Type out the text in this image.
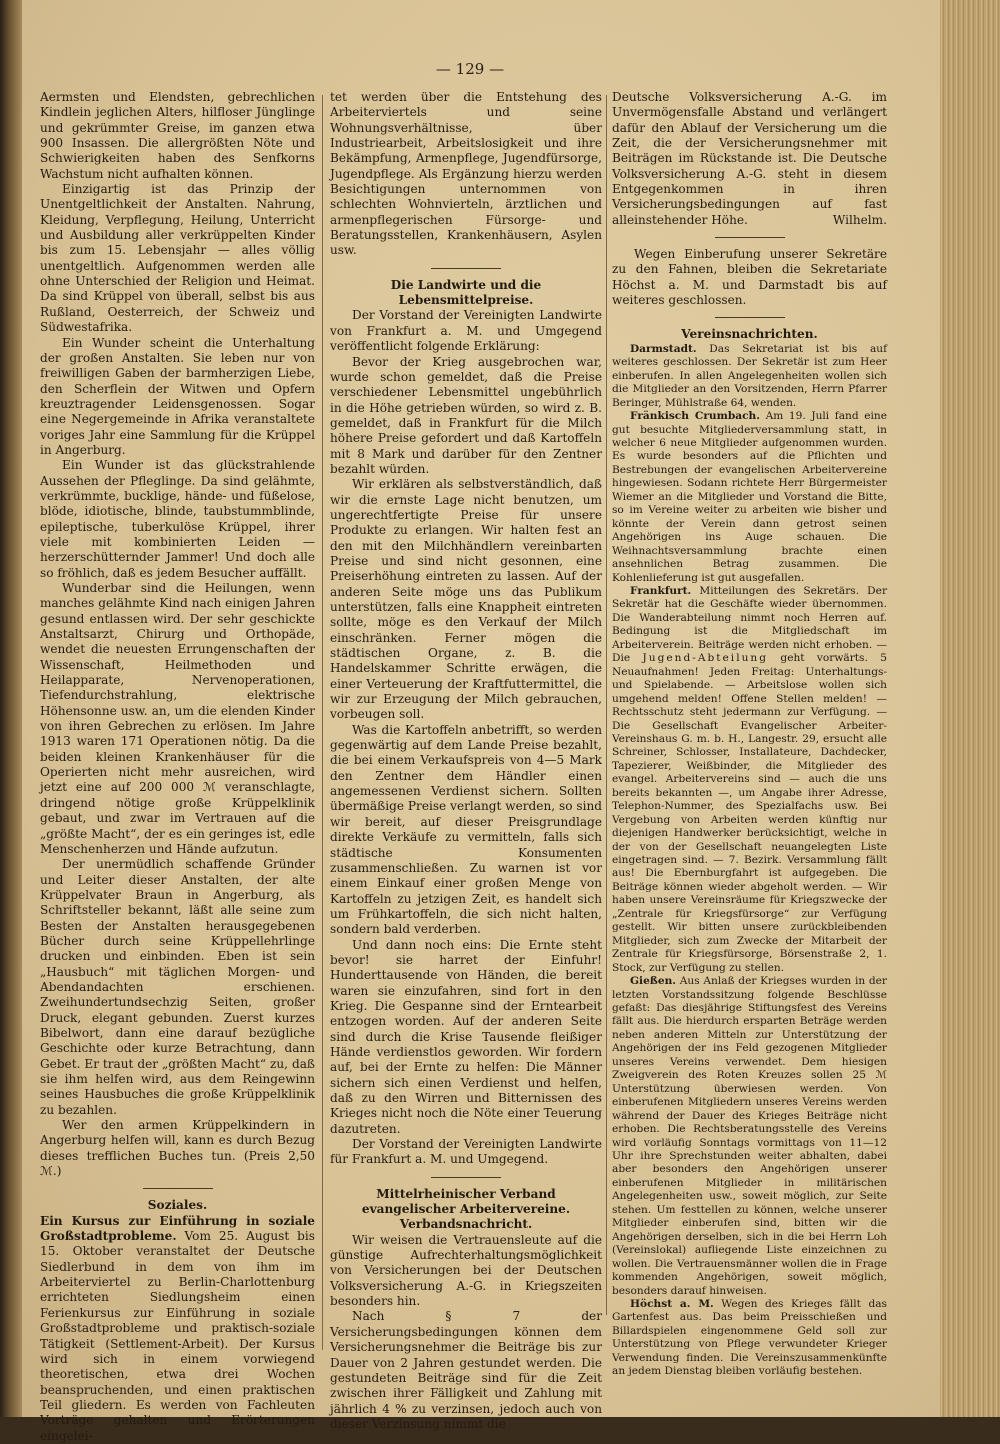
— 129 —

Aermsten und Elendsten, gebrechlichen Kindlein jeglichen Alters, hilfloser Jünglinge und gekrümmter Greise, im ganzen etwa 900 Insassen. Die allergrößten Nöte und Schwierigkeiten haben des Senfkorns Wachstum nicht aufhalten können.

Einzigartig ist das Prinzip der Unentgeltlichkeit der Anstalten. Nahrung, Kleidung, Verpflegung, Heilung, Unterricht und Ausbildung aller verkrüppelten Kinder bis zum 15. Lebensjahr — alles völlig unentgeltlich. Aufgenommen werden alle ohne Unterschied der Religion und Heimat. Da sind Krüppel von überall, selbst bis aus Rußland, Oesterreich, der Schweiz und Südwestafrika.

Ein Wunder scheint die Unterhaltung der großen Anstalten. Sie leben nur von freiwilligen Gaben der barmherzigen Liebe, den Scherflein der Witwen und Opfern kreuztragender Leidensgenossen. Sogar eine Negergemeinde in Afrika veranstaltete voriges Jahr eine Sammlung für die Krüppel in Angerburg.

Ein Wunder ist das glückstrahlende Aussehen der Pfleglinge. Da sind gelähmte, verkrümmte, bucklige, hände- und füßelose, blöde, idiotische, blinde, taubstummblinde, epileptische, tuberkulöse Krüppel, ihrer viele mit kombinierten Leiden — herzerschütternder Jammer! Und doch alle so fröhlich, daß es jedem Besucher auffällt.

Wunderbar sind die Heilungen, wenn manches gelähmte Kind nach einigen Jahren gesund entlassen wird. Der sehr geschickte Anstaltsarzt, Chirurg und Orthopäde, wendet die neuesten Errungenschaften der Wissenschaft, Heilmethoden und Heilapparate, Nervenoperationen, Tiefendurchstrahlung, elektrische Höhensonne usw. an, um die elenden Kinder von ihren Gebrechen zu erlösen. Im Jahre 1913 waren 171 Operationen nötig. Da die beiden kleinen Krankenhäuser für die Operierten nicht mehr ausreichen, wird jetzt eine auf 200 000 ℳ veranschlagte, dringend nötige große Krüppelklinik gebaut, und zwar im Vertrauen auf die „größte Macht“, der es ein geringes ist, edle Menschenherzen und Hände aufzutun.

Der unermüdlich schaffende Gründer und Leiter dieser Anstalten, der alte Krüppelvater Braun in Angerburg, als Schriftsteller bekannt, läßt alle seine zum Besten der Anstalten herausgegebenen Bücher durch seine Krüppellehrlinge drucken und einbinden. Eben ist sein „Hausbuch“ mit täglichen Morgen- und Abendandachten erschienen. Zweihundertundsechzig Seiten, großer Druck, elegant gebunden. Zuerst kurzes Bibelwort, dann eine darauf bezügliche Geschichte oder kurze Betrachtung, dann Gebet. Er traut der „größten Macht“ zu, daß sie ihm helfen wird, aus dem Reingewinn seines Hausbuches die große Krüppelklinik zu bezahlen.

Wer den armen Krüppelkindern in Angerburg helfen will, kann es durch Bezug dieses trefflichen Buches tun. (Preis 2,50 ℳ.)

Soziales.

Ein Kursus zur Einführung in soziale Großstadtprobleme. Vom 25. August bis 15. Oktober veranstaltet der Deutsche Siedlerbund in dem von ihm im Arbeiterviertel zu Berlin-Charlottenburg errichteten Siedlungsheim einen Ferienkursus zur Einführung in soziale Großstadtprobleme und praktisch-soziale Tätigkeit (Settlement-Arbeit). Der Kursus wird sich in einem vorwiegend theoretischen, etwa drei Wochen beanspruchenden, und einen praktischen Teil gliedern. Es werden von Fachleuten Vorträge gehalten und Erörterungen eingelei-

tet werden über die Entstehung des Arbeiterviertels und seine Wohnungsverhältnisse, über Industriearbeit, Arbeitslosigkeit und ihre Bekämpfung, Armenpflege, Jugendfürsorge, Jugendpflege. Als Ergänzung hierzu werden Besichtigungen unternommen von schlechten Wohnvierteln, ärztlichen und armenpflegerischen Fürsorge- und Beratungsstellen, Krankenhäusern, Asylen usw.

Die Landwirte und die Lebensmittelpreise.

Der Vorstand der Vereinigten Landwirte von Frankfurt a. M. und Umgegend veröffentlicht folgende Erklärung:

Bevor der Krieg ausgebrochen war, wurde schon gemeldet, daß die Preise verschiedener Lebensmittel ungebührlich in die Höhe getrieben würden, so wird z. B. gemeldet, daß in Frankfurt für die Milch höhere Preise gefordert und daß Kartoffeln mit 8 Mark und darüber für den Zentner bezahlt würden.

Wir erklären als selbstverständlich, daß wir die ernste Lage nicht benutzen, um ungerechtfertigte Preise für unsere Produkte zu erlangen. Wir halten fest an den mit den Milchhändlern vereinbarten Preise und sind nicht gesonnen, eine Preiserhöhung eintreten zu lassen. Auf der anderen Seite möge uns das Publikum unterstützen, falls eine Knappheit eintreten sollte, möge es den Verkauf der Milch einschränken. Ferner mögen die städtischen Organe, z. B. die Handelskammer Schritte erwägen, die einer Verteuerung der Kraftfuttermittel, die wir zur Erzeugung der Milch gebrauchen, vorbeugen soll.

Was die Kartoffeln anbetrifft, so werden gegenwärtig auf dem Lande Preise bezahlt, die bei einem Verkaufspreis von 4—5 Mark den Zentner dem Händler einen angemessenen Verdienst sichern. Sollten übermäßige Preise verlangt werden, so sind wir bereit, auf dieser Preisgrundlage direkte Verkäufe zu vermitteln, falls sich städtische Konsumenten zusammenschließen. Zu warnen ist vor einem Einkauf einer großen Menge von Kartoffeln zu jetzigen Zeit, es handelt sich um Frühkartoffeln, die sich nicht halten, sondern bald verderben.

Und dann noch eins: Die Ernte steht bevor! sie harret der Einfuhr! Hunderttausende von Händen, die bereit waren sie einzufahren, sind fort in den Krieg. Die Gespanne sind der Erntearbeit entzogen worden. Auf der anderen Seite sind durch die Krise Tausende fleißiger Hände verdienstlos geworden. Wir fordern auf, bei der Ernte zu helfen: Die Männer sichern sich einen Verdienst und helfen, daß zu den Wirren und Bitternissen des Krieges nicht noch die Nöte einer Teuerung dazutreten.

Der Vorstand der Vereinigten Landwirte für Frankfurt a. M. und Umgegend.

Mittelrheinischer Verband evangelischer Arbeitervereine.

Verbandsnachricht.

Wir weisen die Vertrauensleute auf die günstige Aufrechterhaltungsmöglichkeit von Versicherungen bei der Deutschen Volksversicherung A.-G. in Kriegszeiten besonders hin.

Nach § 7 der Versicherungsbedingungen können dem Versicherungsnehmer die Beiträge bis zur Dauer von 2 Jahren gestundet werden. Die gestundeten Beiträge sind für die Zeit zwischen ihrer Fälligkeit und Zahlung mit jährlich 4 % zu verzinsen, jedoch auch von dieser Verzinsung nimmt die

Deutsche Volksversicherung A.-G. im Unvermögensfalle Abstand und verlängert dafür den Ablauf der Versicherung um die Zeit, die der Versicherungsnehmer mit Beiträgen im Rückstande ist. Die Deutsche Volksversicherung A.-G. steht in diesem Entgegenkommen in ihren Versicherungsbedingungen auf fast alleinstehender Höhe.	Wilhelm.

Wegen Einberufung unserer Sekretäre zu den Fahnen, bleiben die Sekretariate Höchst a. M. und Darmstadt bis auf weiteres geschlossen.

Vereinsnachrichten.

Darmstadt. Das Sekretariat ist bis auf weiteres geschlossen. Der Sekretär ist zum Heer einberufen. In allen Angelegenheiten wollen sich die Mitglieder an den Vorsitzenden, Herrn Pfarrer Beringer, Mühlstraße 64, wenden.

Fränkisch Crumbach. Am 19. Juli fand eine gut besuchte Mitgliederversammlung statt, in welcher 6 neue Mitglieder aufgenommen wurden. Es wurde besonders auf die Pflichten und Bestrebungen der evangelischen Arbeitervereine hingewiesen. Sodann richtete Herr Bürgermeister Wiemer an die Mitglieder und Vorstand die Bitte, so im Vereine weiter zu arbeiten wie bisher und könnte der Verein dann getrost seinen Angehörigen ins Auge schauen. Die Weihnachtsversammlung brachte einen ansehnlichen Betrag zusammen. Die Kohlenlieferung ist gut ausgefallen.

Frankfurt. Mitteilungen des Sekretärs. Der Sekretär hat die Geschäfte wieder übernommen. Die Wanderabteilung nimmt noch Herren auf. Bedingung ist die Mitgliedschaft im Arbeiterverein. Beiträge werden nicht erhoben. — Die Jugend-Abteilung geht vorwärts. 5 Neuaufnahmen! Jeden Freitag: Unterhaltungs- und Spielabende. — Arbeitslose wollen sich umgehend melden! Offene Stellen melden! — Rechtsschutz steht jedermann zur Verfügung. — Die Gesellschaft Evangelischer Arbeiter-Vereinshaus G. m. b. H., Langestr. 29, ersucht alle Schreiner, Schlosser, Installateure, Dachdecker, Tapezierer, Weißbinder, die Mitglieder des evangel. Arbeitervereins sind — auch die uns bereits bekannten —, um Angabe ihrer Adresse, Telephon-Nummer, des Spezialfachs usw. Bei Vergebung von Arbeiten werden künftig nur diejenigen Handwerker berücksichtigt, welche in der von der Gesellschaft neuangelegten Liste eingetragen sind. — 7. Bezirk. Versammlung fällt aus! Die Ebernburgfahrt ist aufgegeben. Die Beiträge können wieder abgeholt werden. — Wir haben unsere Vereinsräume für Kriegszwecke der „Zentrale für Kriegsfürsorge“ zur Verfügung gestellt. Wir bitten unsere zurückbleibenden Mitglieder, sich zum Zwecke der Mitarbeit der Zentrale für Kriegsfürsorge, Börsenstraße 2, 1. Stock, zur Verfügung zu stellen.

Gießen. Aus Anlaß der Kriegses wurden in der letzten Vorstandssitzung folgende Beschlüsse gefaßt: Das diesjährige Stiftungsfest des Vereins fällt aus. Die hierdurch ersparten Beträge werden neben anderen Mitteln zur Unterstützung der Angehörigen der ins Feld gezogenen Mitglieder unseres Vereins verwendet. Dem hiesigen Zweigverein des Roten Kreuzes sollen 25 ℳ Unterstützung überwiesen werden. Von einberufenen Mitgliedern unseres Vereins werden während der Dauer des Krieges Beiträge nicht erhoben. Die Rechtsberatungsstelle des Vereins wird vorläufig Sonntags vormittags von 11—12 Uhr ihre Sprechstunden weiter abhalten, dabei aber besonders den Angehörigen unserer einberufenen Mitglieder in militärischen Angelegenheiten usw., soweit möglich, zur Seite stehen. Um festtellen zu können, welche unserer Mitglieder einberufen sind, bitten wir die Angehörigen derselben, sich in die bei Herrn Loh (Vereinslokal) aufliegende Liste einzeichnen zu wollen. Die Vertrauensmänner wollen die in Frage kommenden Angehörigen, soweit möglich, besonders darauf hinweisen.

Höchst a. M. Wegen des Krieges fällt das Gartenfest aus. Das beim Preisschießen und Billardspielen eingenommene Geld soll zur Unterstützung von Pflege verwundeter Krieger Verwendung finden. Die Vereinszusammenkünfte an jedem Dienstag bleiben vorläufig bestehen.
